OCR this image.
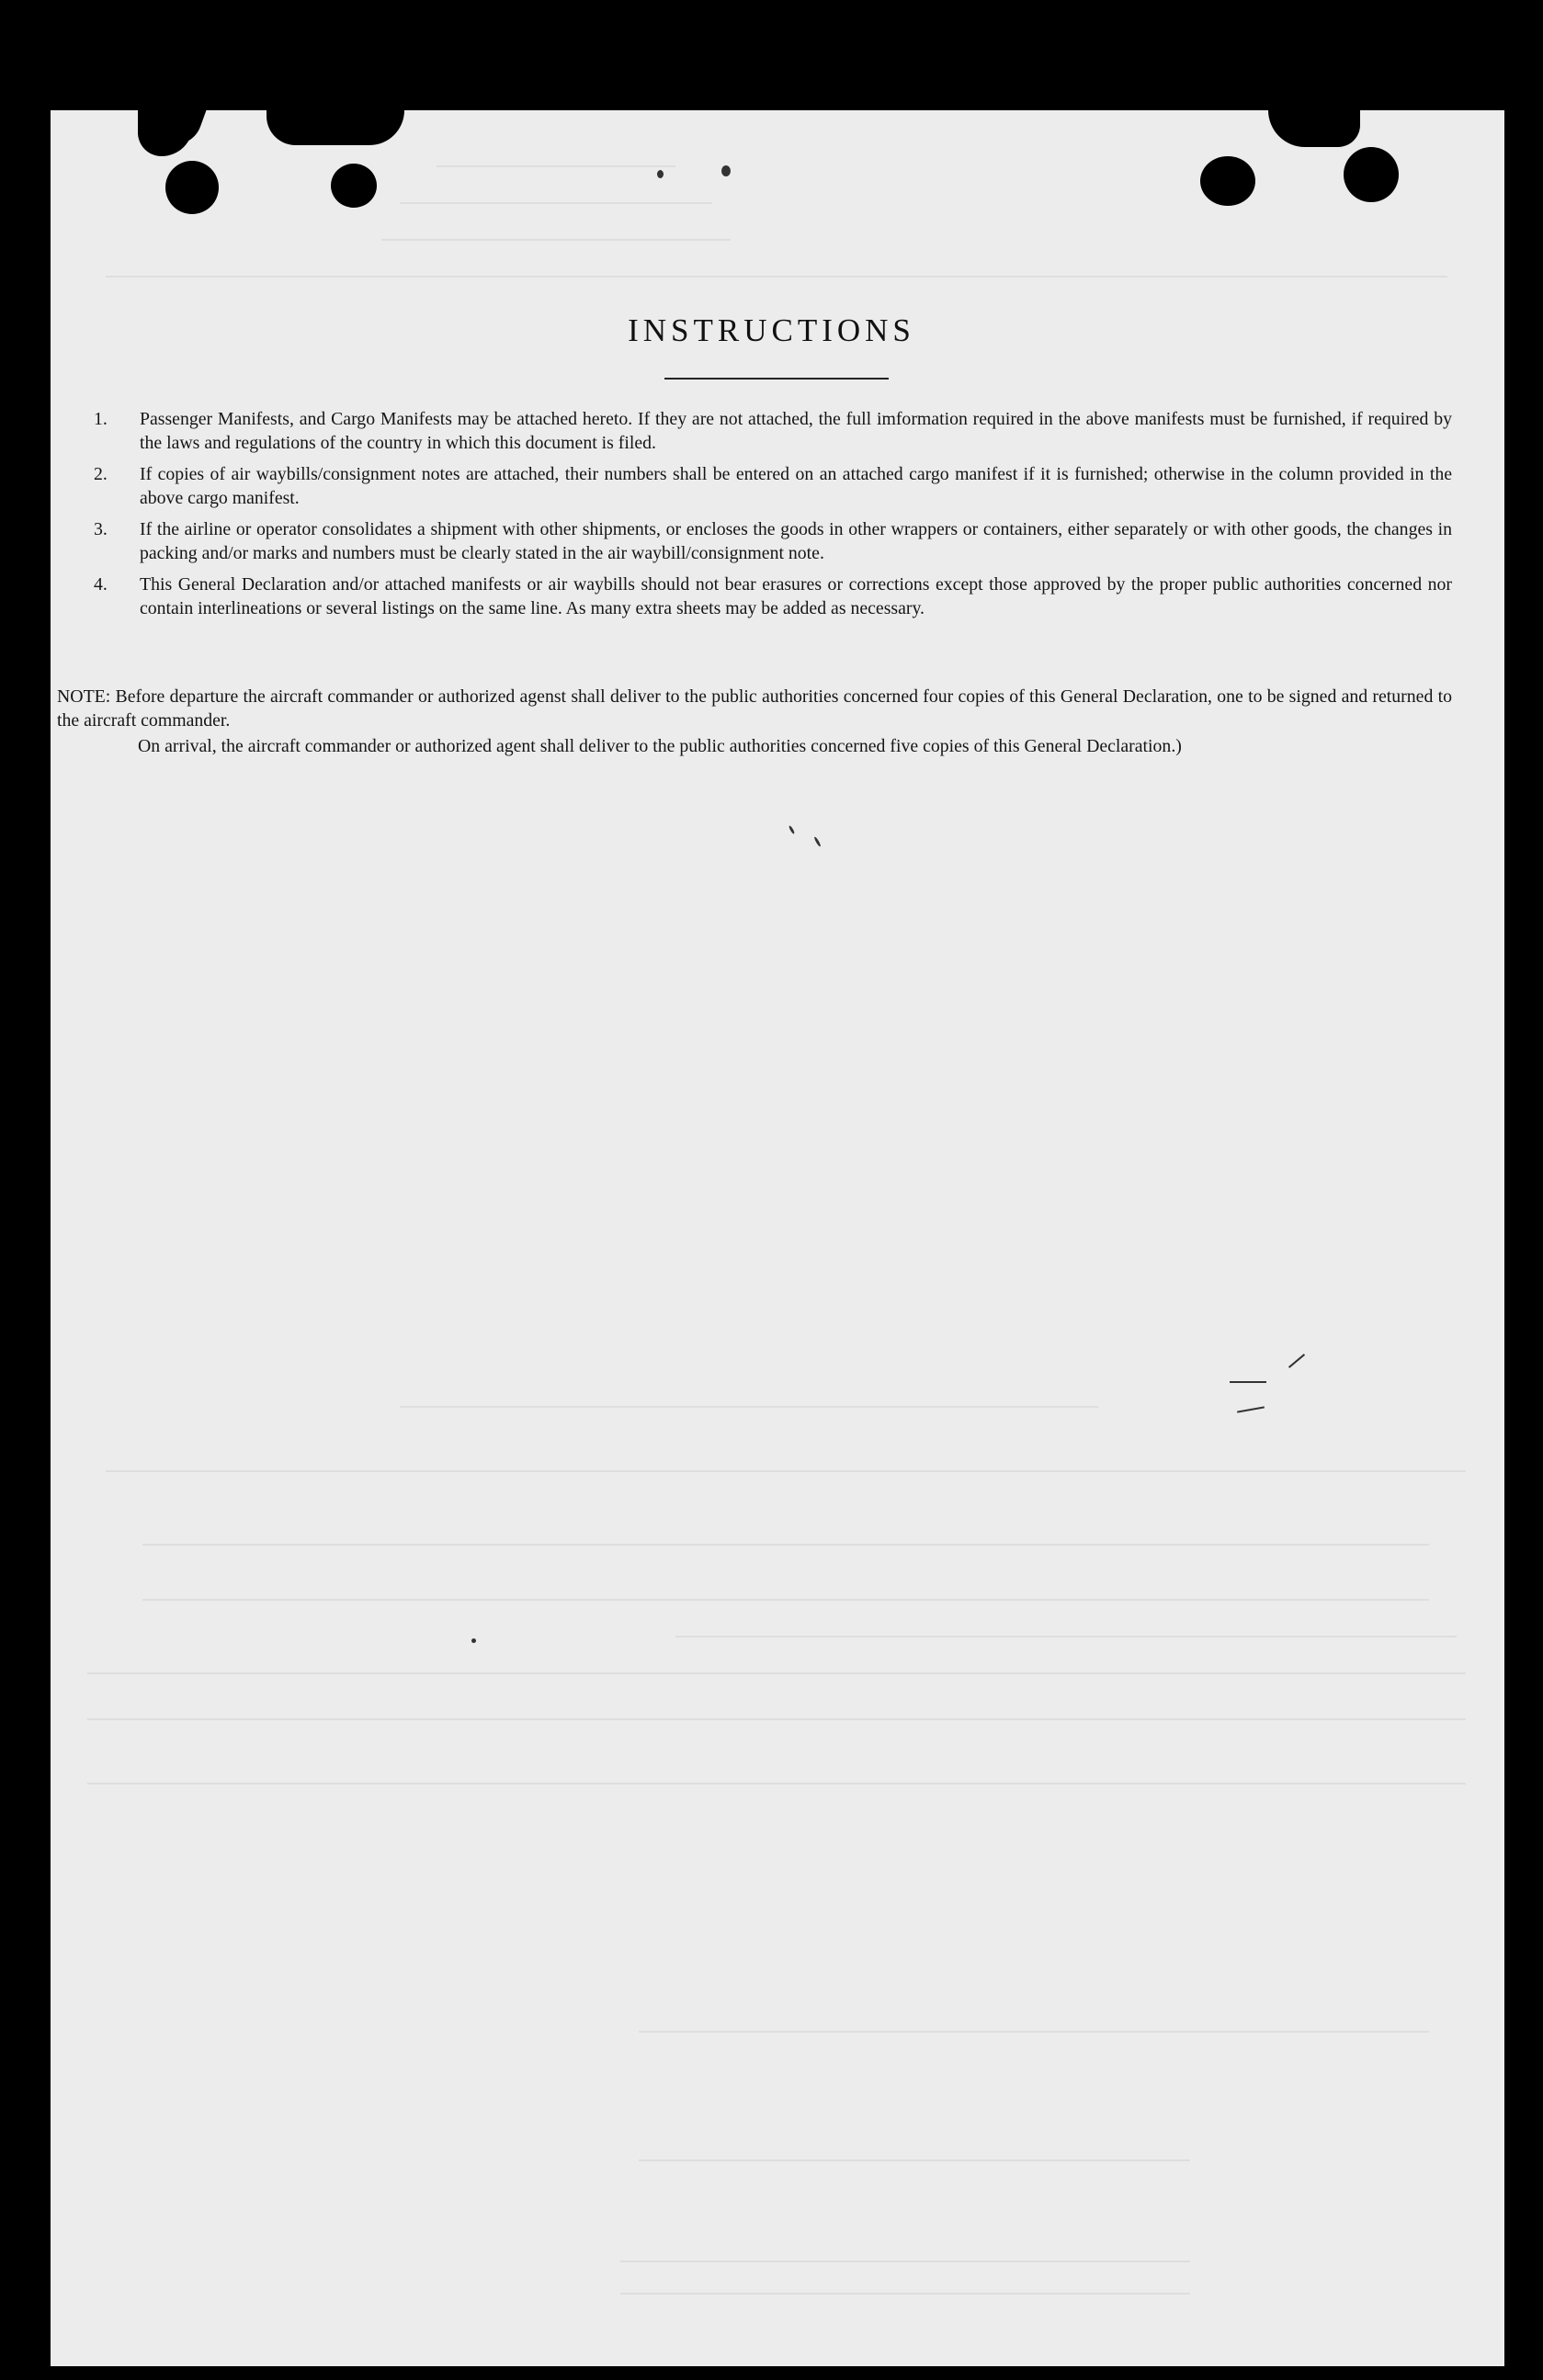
INSTRUCTIONS
1. Passenger Manifests, and Cargo Manifests may be attached hereto. If they are not attached, the full imformation required in the above manifests must be furnished, if required by the laws and regulations of the country in which this document is filed.
2. If copies of air waybills/consignment notes are attached, their numbers shall be entered on an attached cargo manifest if it is furnished; otherwise in the column provided in the above cargo manifest.
3. If the airline or operator consolidates a shipment with other shipments, or encloses the goods in other wrappers or containers, either separately or with other goods, the changes in packing and/or marks and numbers must be clearly stated in the air waybill/consignment note.
4. This General Declaration and/or attached manifests or air waybills should not bear erasures or corrections except those approved by the proper public authorities concerned nor contain interlineations or several listings on the same line. As many extra sheets may be added as necessary.

NOTE: Before departure the aircraft commander or authorized agenst shall deliver to the public authorities concerned four copies of this General Declaration, one to be signed and returned to the aircraft commander.

On arrival, the aircraft commander or authorized agent shall deliver to the public authorities concerned five copies of this General Declaration.)
